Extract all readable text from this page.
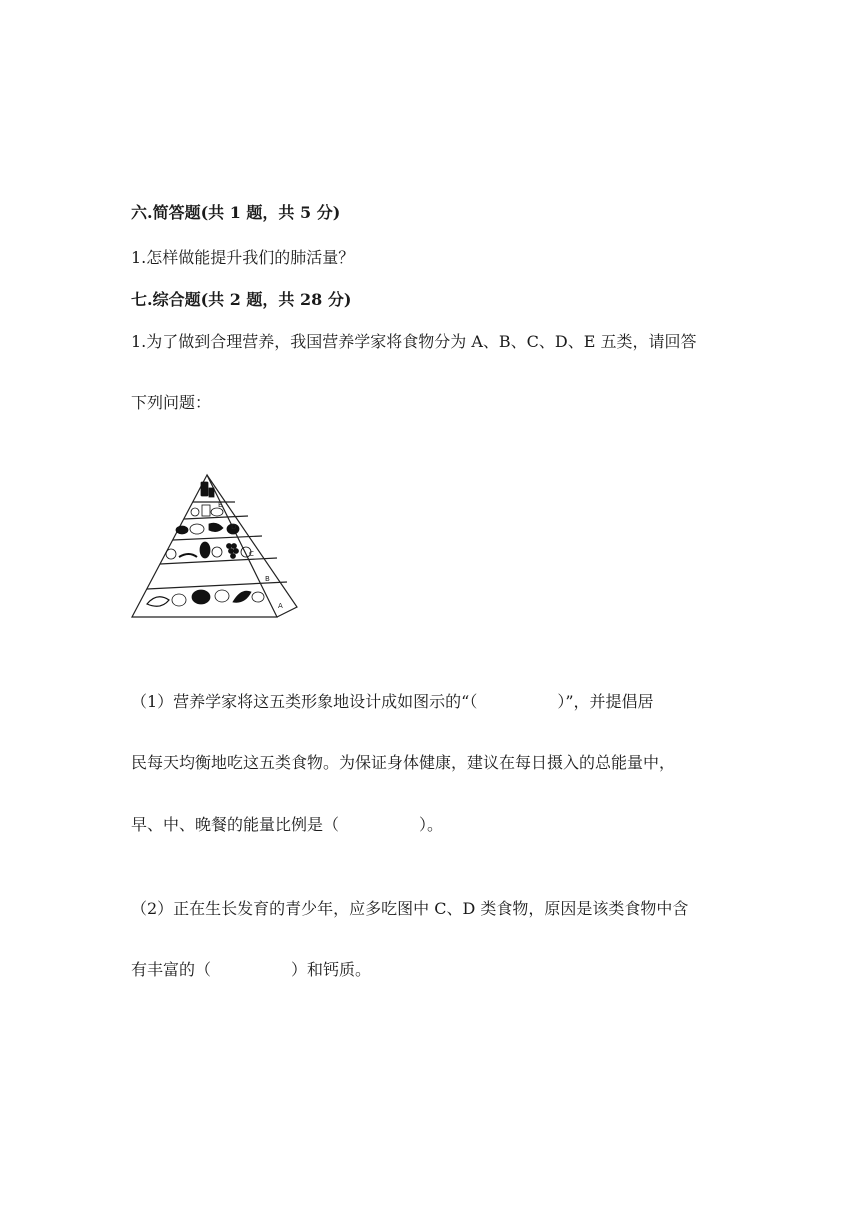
六.简答题(共 1 题，共 5 分)
1.怎样做能提升我们的肺活量？
七.综合题(共 2 题，共 28 分)
1.为了做到合理营养，我国营养学家将食物分为 A、B、C、D、E 五类，请回答
下列问题：
A
B
C
D
E
（1）营养学家将这五类形象地设计成如图示的“（　　　　　）”，并提倡居
民每天均衡地吃这五类食物。为保证身体健康，建议在每日摄入的总能量中，
早、中、晚餐的能量比例是（　　　　　）。
（2）正在生长发育的青少年，应多吃图中 C、D 类食物，原因是该类食物中含
有丰富的（　　　　　）和钙质。
